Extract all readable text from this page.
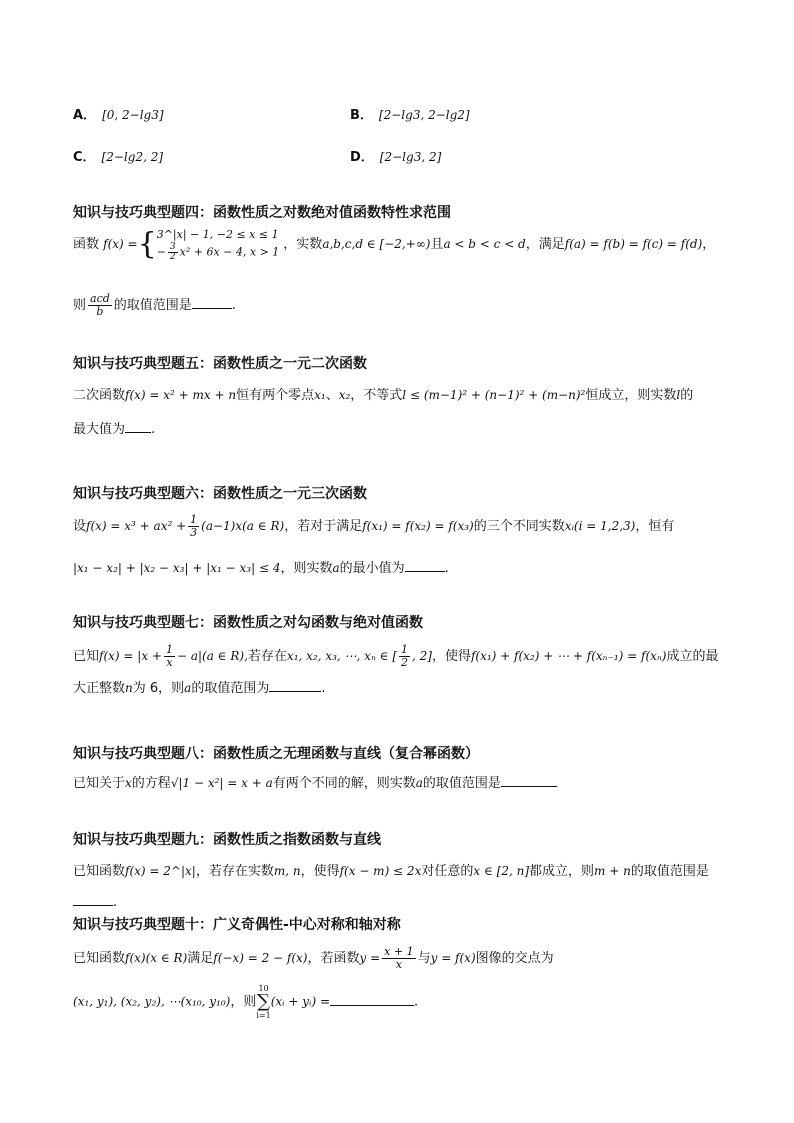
A． [0, 2−lg3]	B． [2−lg3, 2−lg2]
C． [2−lg2, 2]	D． [2−lg3, 2]
知识与技巧典型题四：函数性质之对数绝对值函数特性求范围
函数 f(x) ={ 3^|x| − 1, −2 ≤ x ≤ 1
− $\frac{3}{2} x^2 + 6x - 4$, x > 1 ，实数a,b,c,d ∈ [−2,+∞)且a < b < c < d，满足f(a) = f(b) = f(c) = f(d)，
则 $\frac{\text{acd}}{b}$ 的取值范围是	.
知识与技巧典型题五：函数性质之一元二次函数
二次函数f(x) = x² + mx + n恒有两个零点x₁、x₂，不等式l ≤ (m−1)² + (n−1)² + (m−n)²恒成立，则实数l的
最大值为 .
知识与技巧典型题六：函数性质之一元三次函数
设$f(x) = x^3 + ax^2 + \frac{1}{3} (a-1)x(a$ ∈ R)，若对于满足f(x₁) = f(x₂) = f(x₃)的三个不同实数xᵢ(i = 1,2,3)，恒有
|x₁ − x₂| + |x₂ − x₃| + |x₁ − x₃| ≤ 4，则实数a的最小值为	.
知识与技巧典型题七：函数性质之对勾函数与绝对值函数
已知$f(x) = |x + \frac{1}{x} - a|(a$ ∈ R),若存在x₁, x₂, x₃, ⋯, xₙ ∈ [ $\frac{1}{2}$ , 2]，使得f(x₁) + f(x₂) + ⋯ + f(xₙ₋₁) = f(xₙ)成立的最
大正整数n为 6，则a的取值范围为	.
知识与技巧典型题八：函数性质之无理函数与直线（复合幂函数）
已知关于x的方程√|1 − x²| = x + a有两个不同的解，则实数a的取值范围是
知识与技巧典型题九：函数性质之指数函数与直线
已知函数f(x) = 2^|x|，若存在实数m, n，使得f(x − m) ≤ 2x对任意的x ∈ [2, n]都成立，则m + n的取值范围是
.
知识与技巧典型题十：广义奇偶性-中心对称和轴对称
已知函数f(x)(x ∈ R)满足f(−x) = 2 − f(x)，若函数$y = \frac{x + 1}{x}$ 与y = f(x)图像的交点为
(x₁, y₁), (x₂, y₂), ⋯(x₁₀, y₁₀)，则10
∑
i=1(xᵢ + yᵢ) =	.
